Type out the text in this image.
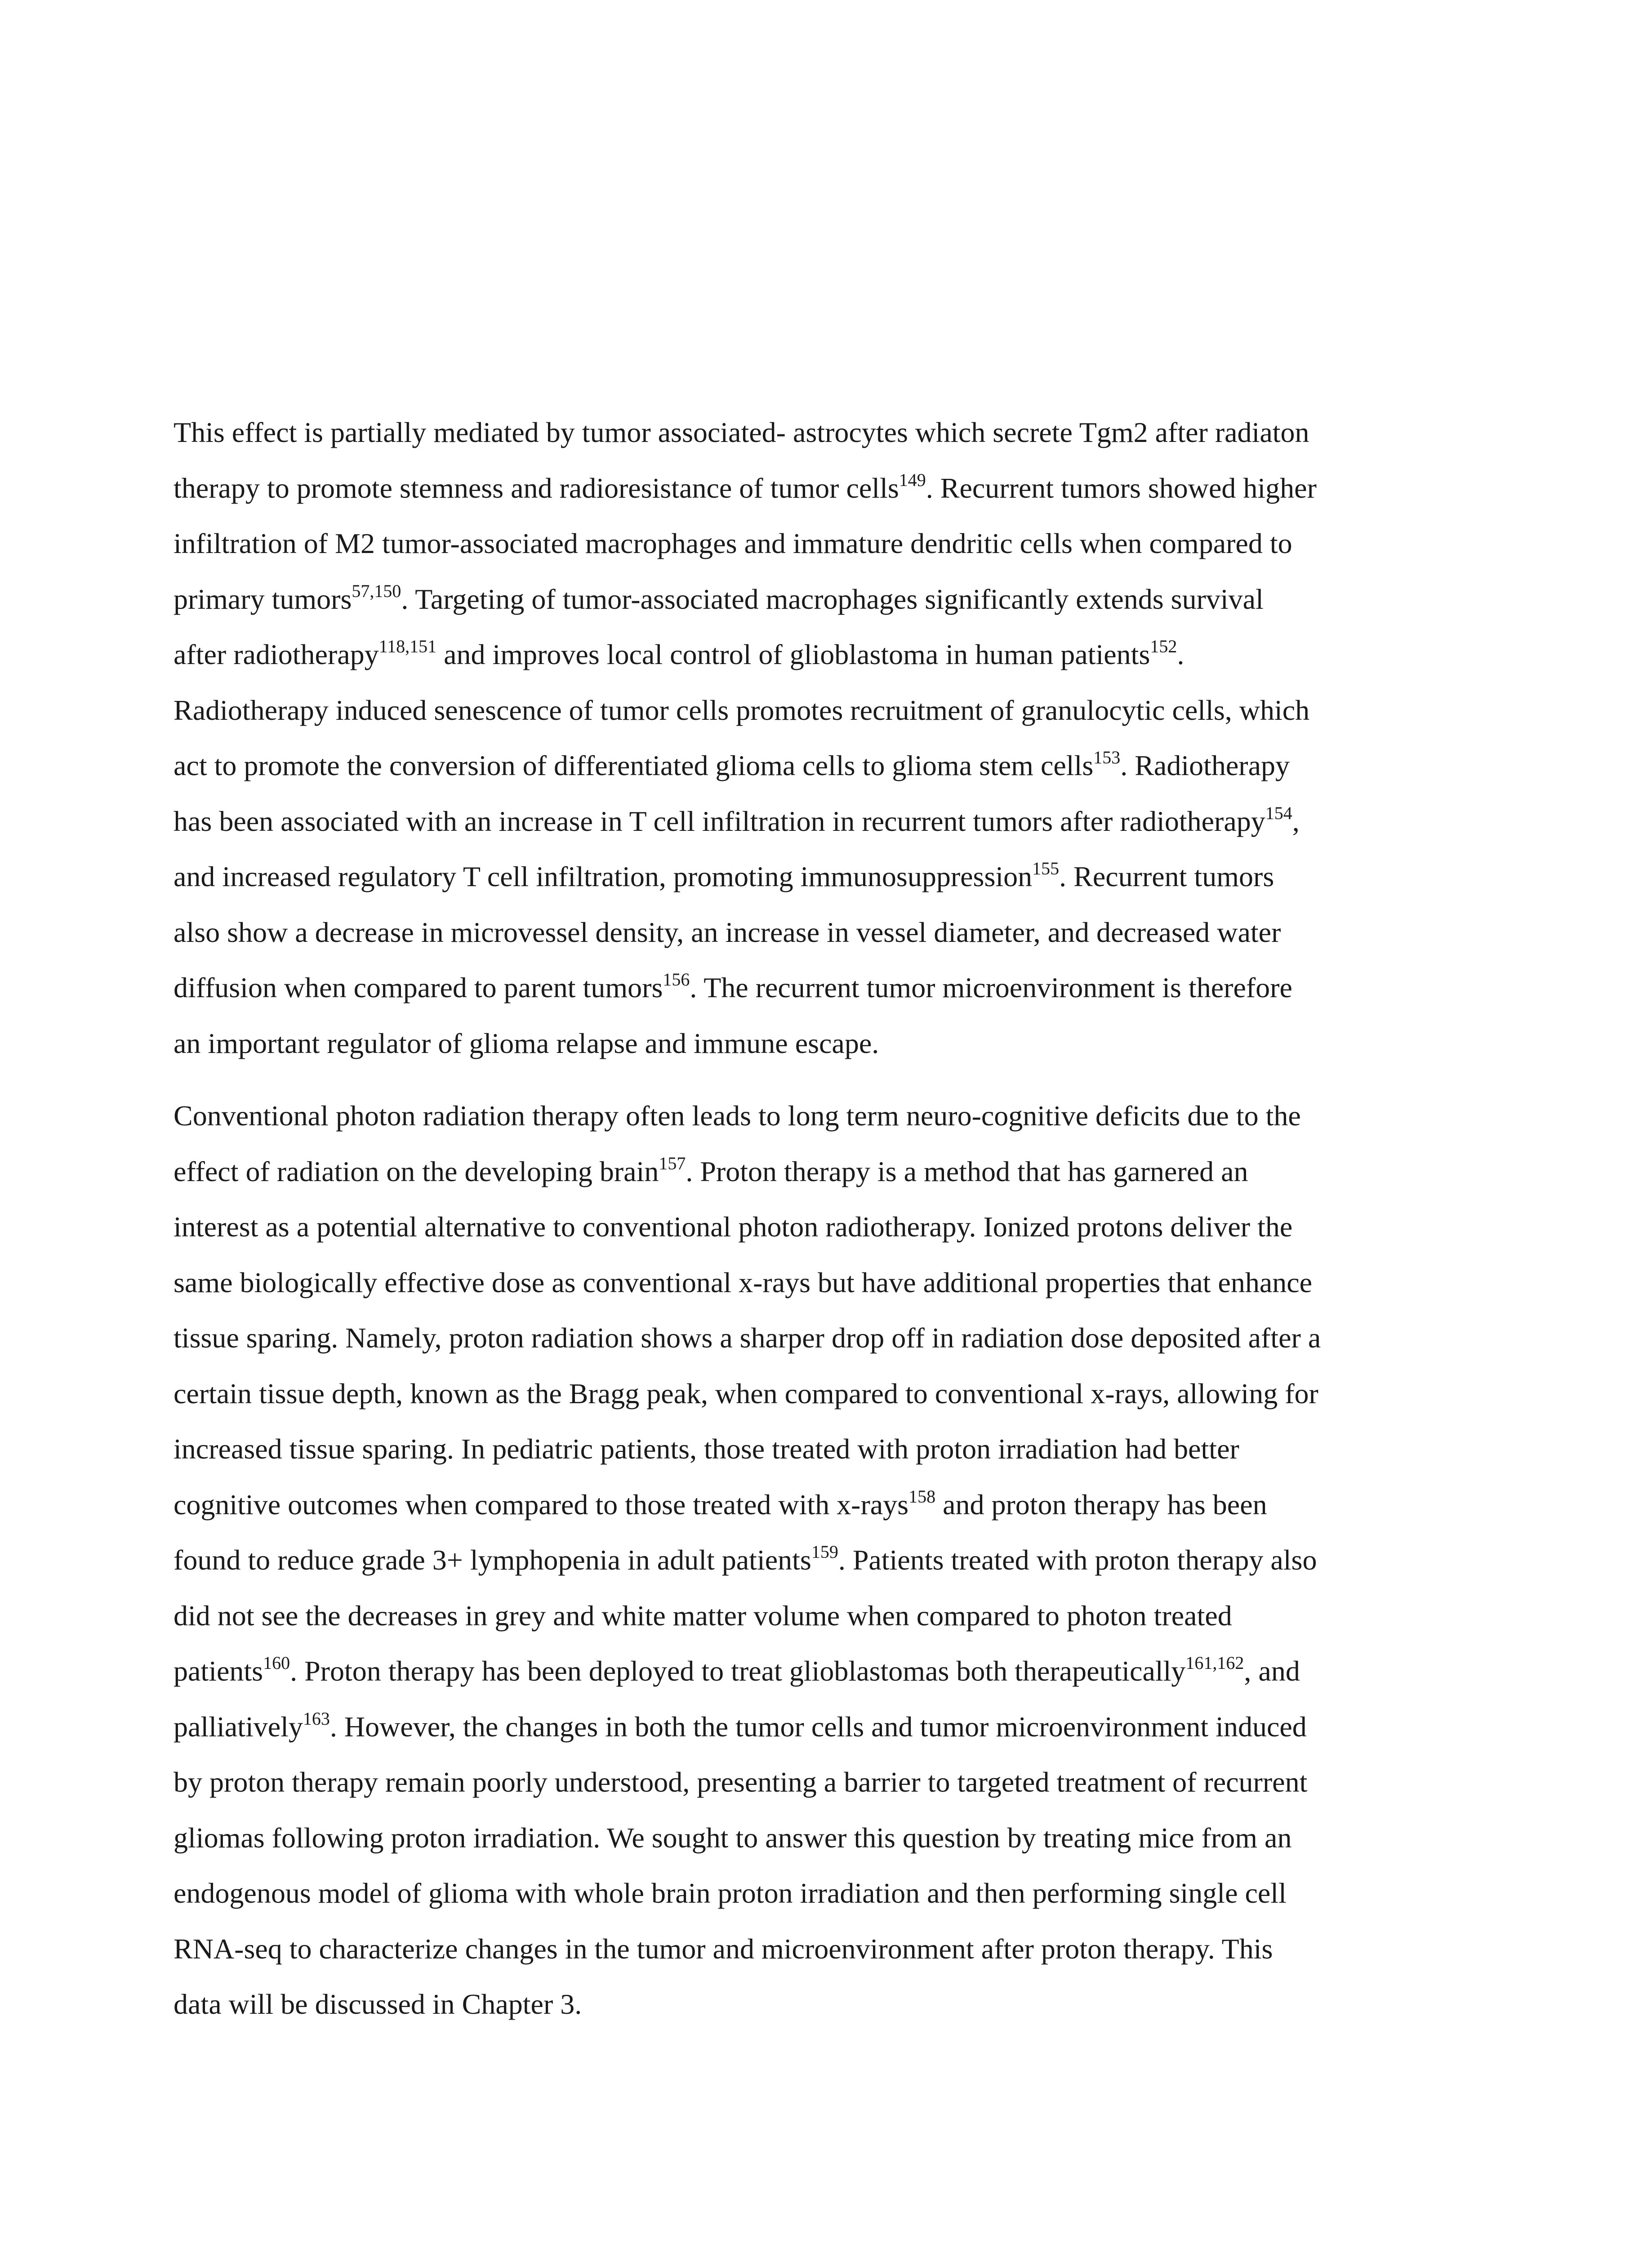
This effect is partially mediated by tumor associated- astrocytes which secrete Tgm2 after radiaton
therapy to promote stemness and radioresistance of tumor cells$^{149}$. Recurrent tumors showed higher
infiltration of M2 tumor-associated macrophages and immature dendritic cells when compared to
primary tumors$^{57,150}$. Targeting of tumor-associated macrophages significantly extends survival
after radiotherapy$^{118,151}$ and improves local control of glioblastoma in human patients$^{152}$.
Radiotherapy induced senescence of tumor cells promotes recruitment of granulocytic cells, which
act to promote the conversion of differentiated glioma cells to glioma stem cells$^{153}$. Radiotherapy
has been associated with an increase in T cell infiltration in recurrent tumors after radiotherapy$^{154}$,
and increased regulatory T cell infiltration, promoting immunosuppression$^{155}$. Recurrent tumors
also show a decrease in microvessel density, an increase in vessel diameter, and decreased water
diffusion when compared to parent tumors$^{156}$. The recurrent tumor microenvironment is therefore
an important regulator of glioma relapse and immune escape.

Conventional photon radiation therapy often leads to long term neuro-cognitive deficits due to the
effect of radiation on the developing brain$^{157}$. Proton therapy is a method that has garnered an
interest as a potential alternative to conventional photon radiotherapy. Ionized protons deliver the
same biologically effective dose as conventional x-rays but have additional properties that enhance
tissue sparing. Namely, proton radiation shows a sharper drop off in radiation dose deposited after a
certain tissue depth, known as the Bragg peak, when compared to conventional x-rays, allowing for
increased tissue sparing. In pediatric patients, those treated with proton irradiation had better
cognitive outcomes when compared to those treated with x-rays$^{158}$ and proton therapy has been
found to reduce grade 3+ lymphopenia in adult patients$^{159}$. Patients treated with proton therapy also
did not see the decreases in grey and white matter volume when compared to photon treated
patients$^{160}$. Proton therapy has been deployed to treat glioblastomas both therapeutically$^{161,162}$, and
palliatively$^{163}$. However, the changes in both the tumor cells and tumor microenvironment induced
by proton therapy remain poorly understood, presenting a barrier to targeted treatment of recurrent
gliomas following proton irradiation. We sought to answer this question by treating mice from an
endogenous model of glioma with whole brain proton irradiation and then performing single cell
RNA-seq to characterize changes in the tumor and microenvironment after proton therapy. This
data will be discussed in Chapter 3.
